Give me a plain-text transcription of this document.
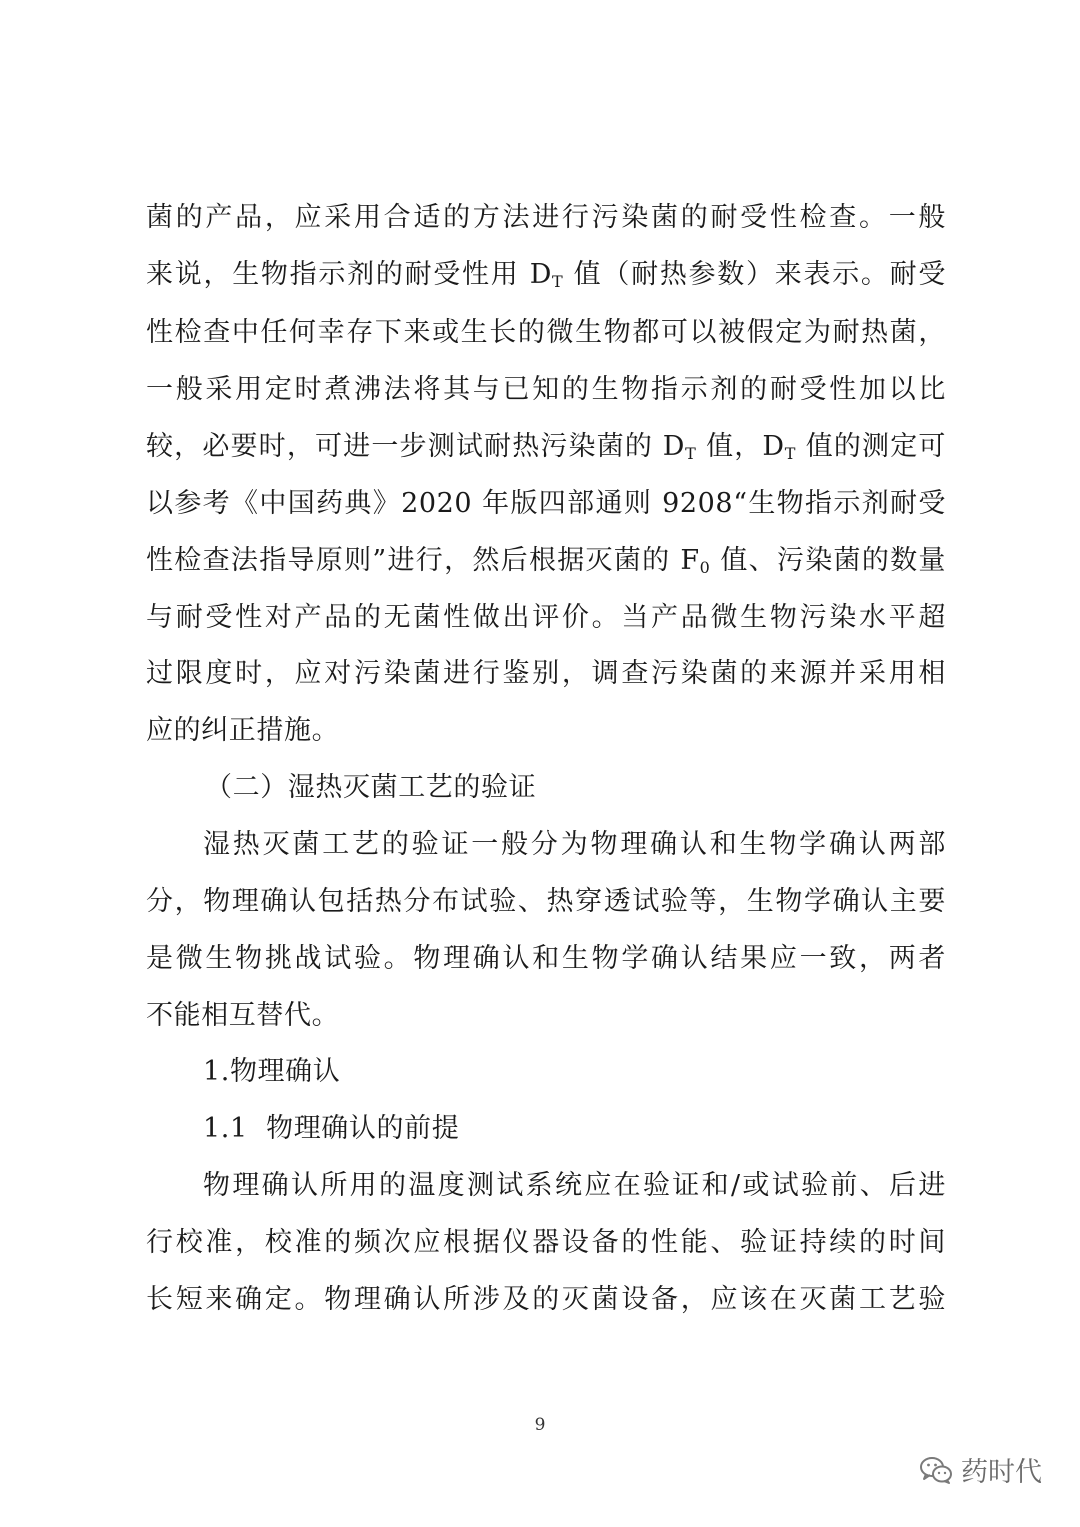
菌的产品，应采用合适的方法进行污染菌的耐受性检查。一般
来说，生物指示剂的耐受性用 $D_T$ 值（耐热参数）来表示。耐受
性检查中任何幸存下来或生长的微生物都可以被假定为耐热菌，
一般采用定时煮沸法将其与已知的生物指示剂的耐受性加以比
较，必要时，可进一步测试耐热污染菌的 $D_T$ 值，$D_T$ 值的测定可
以参考《中国药典》2020 年版四部通则 9208“生物指示剂耐受
性检查法指导原则”进行，然后根据灭菌的 $F_0$ 值、污染菌的数量
与耐受性对产品的无菌性做出评价。当产品微生物污染水平超
过限度时，应对污染菌进行鉴别，调查污染菌的来源并采用相
应的纠正措施。
（二）湿热灭菌工艺的验证
湿热灭菌工艺的验证一般分为物理确认和生物学确认两部
分，物理确认包括热分布试验、热穿透试验等，生物学确认主要
是微生物挑战试验。物理确认和生物学确认结果应一致，两者
不能相互替代。
1.物理确认
1.1  物理确认的前提
物理确认所用的温度测试系统应在验证和/或试验前、后进
行校准，校准的频次应根据仪器设备的性能、验证持续的时间
长短来确定。物理确认所涉及的灭菌设备，应该在灭菌工艺验
9
药时代
